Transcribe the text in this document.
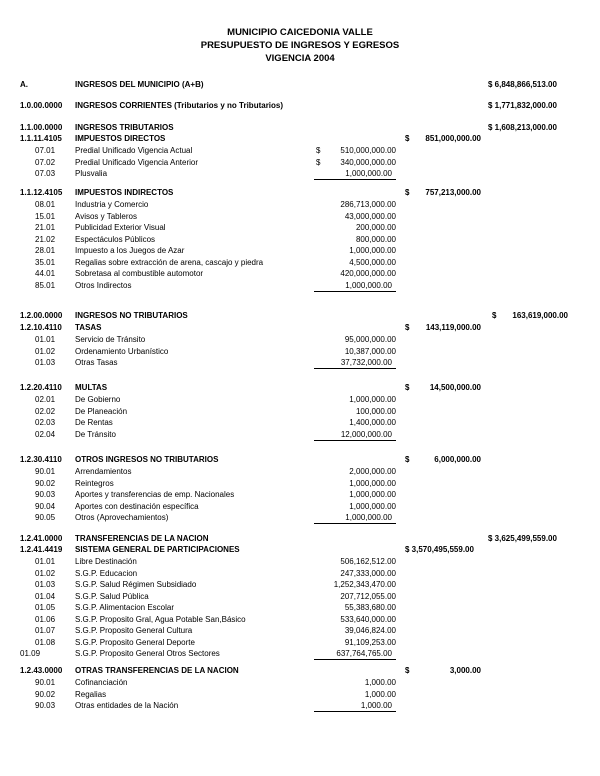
MUNICIPIO CAICEDONIA VALLE
PRESUPUESTO DE INGRESOS Y EGRESOS
VIGENCIA 2004
A.	INGRESOS DEL MUNICIPIO (A+B)	$ 6,848,866,513.00
1.0.00.0000 INGRESOS CORRIENTES (Tributarios y no Tributarios)	$ 1,771,832,000.00
1.1.00.0000 INGRESOS TRIBUTARIOS	$ 1,608,213,000.00
1.1.11.4105 IMPUESTOS DIRECTOS	$	851,000,000.00
07.01 Predial Unificado Vigencia Actual	$	510,000,000.00
07.02 Predial Unificado Vigencia Anterior	$	340,000,000.00
07.03 Plusvalia	1,000,000.00
1.1.12.4105 IMPUESTOS INDIRECTOS	$	757,213,000.00
08.01 Industria y Comercio	286,713,000.00
15.01 Avisos y Tableros	43,000,000.00
21.01 Publicidad Exterior Visual	200,000.00
21.02 Espectáculos Públicos	800,000.00
28.01 Impuesto a los Juegos de Azar	1,000,000.00
35.01 Regalias sobre extracción de arena, cascajo y piedra	4,500,000.00
44.01 Sobretasa al combustible automotor	420,000,000.00
85.01 Otros Indirectos	1,000,000.00
1.2.00.0000 INGRESOS NO TRIBUTARIOS	$	163,619,000.00
1.2.10.4110 TASAS	$	143,119,000.00
01.01 Servicio de Tránsito	95,000,000.00
01.02 Ordenamiento Urbanístico	10,387,000.00
01.03 Otras Tasas	37,732,000.00
1.2.20.4110 MULTAS	$	14,500,000.00
02.01 De Gobierno	1,000,000.00
02.02 De Planeación	100,000.00
02.03 De Rentas	1,400,000.00
02.04 De Tránsito	12,000,000.00
1.2.30.4110 OTROS INGRESOS NO TRIBUTARIOS	$	6,000,000.00
90.01 Arrendamientos	2,000,000.00
90.02 Reintegros	1,000,000.00
90.03 Aportes y transferencias de emp. Nacionales	1,000,000.00
90.04 Aportes con destinación específica	1,000,000.00
90.05 Otros (Aprovechamientos)	1,000,000.00
1.2.41.0000 TRANSFERENCIAS DE LA NACION	$ 3,625,499,559.00
1.2.41.4419 SISTEMA GENERAL DE PARTICIPACIONES	$ 3,570,495,559.00
01.01 Libre Destinación	506,162,512.00
01.02 S.G.P. Educacion	247,333,000.00
01.03 S.G.P. Salud Régimen Subsidiado	1,252,343,470.00
01.04 S.G.P. Salud Pública	207,712,055.00
01.05 S.G.P. Alimentacion Escolar	55,383,680.00
01.06 S.G.P. Proposito Gral, Agua Potable San,Básico	533,640,000.00
01.07 S.G.P. Proposito General Cultura	39,046,824.00
01.08 S.G.P. Proposito General Deporte	91,109,253.00
01.09	S.G.P. Proposito General Otros Sectores	637,764,765.00
1.2.43.0000 OTRAS TRANSFERENCIAS DE LA NACION	$	3,000.00
90.01 Cofinanciación	1,000.00
90.02 Regalias	1,000.00
90.03 Otras entidades de la Nación	1,000.00
